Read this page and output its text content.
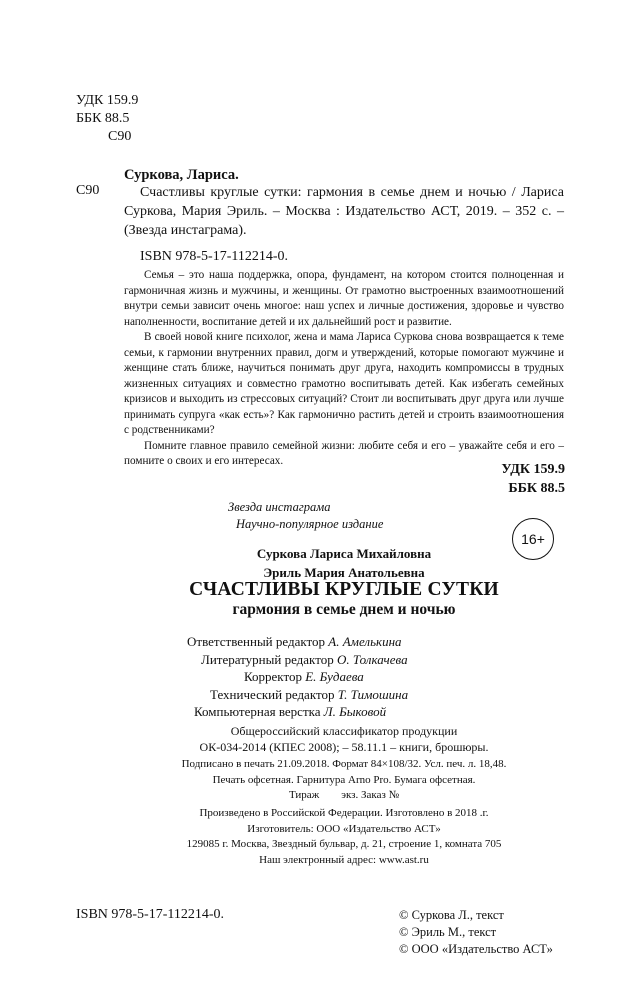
УДК 159.9
ББК 88.5
С90
Суркова, Лариса.
С90	Счастливы круглые сутки: гармония в семье днем и ночью / Лариса Суркова, Мария Эриль. – Москва : Издательство АСТ, 2019. – 352 с. – (Звезда инстаграма).
ISBN 978-5-17-112214-0.

Семья – это наша поддержка, опора, фундамент, на котором стоится полноценная и гармоничная жизнь и мужчины, и женщины. От грамотно выстроенных взаимоотношений внутри семьи зависит очень многое: наш успех и личные достижения, здоровье и чувство наполненности, воспитание детей и их дальнейший рост и развитие.

В своей новой книге психолог, жена и мама Лариса Суркова снова возвращается к теме семьи, к гармонии внутренних правил, догм и утверждений, которые помогают мужчине и женщине стать ближе, научиться понимать друг друга, находить компромиссы в трудных жизненных ситуациях и совместно грамотно воспитывать детей. Как избегать семейных кризисов и выходить из стрессовых ситуаций? Стоит ли воспитывать друг друга или лучше принимать супруга «как есть»? Как гармонично растить детей и строить взаимоотношения с родственниками?

Помните главное правило семейной жизни: любите себя и его – уважайте себя и его – помните о своих и его интересах.

УДК 159.9
ББК 88.5
Звезда инстаграма
Научно-популярное издание
16+
Суркова Лариса Михайловна
Эриль Мария Анатольевна
СЧАСТЛИВЫ КРУГЛЫЕ СУТКИ
гармония в семье днем и ночью
Ответственный редактор А. Амелькина
Литературный редактор О. Толкачева
Корректор Е. Будаева
Технический редактор Т. Тимошина
Компьютерная верстка Л. Быковой
Общероссийский классификатор продукции
ОК-034-2014 (КПЕС 2008); – 58.11.1 – книги, брошюры.
Подписано в печать 21.09.2018. Формат 84×108/32. Усл. печ. л. 18,48.
Печать офсетная. Гарнитура Arno Pro. Бумага офсетная.
Тираж        экз. Заказ №
Произведено в Российской Федерации. Изготовлено в 2018 .г.
Изготовитель: ООО «Издательство АСТ»
129085 г. Москва, Звездный бульвар, д. 21, строение 1, комната 705
Наш электронный адрес: www.ast.ru
ISBN 978-5-17-112214-0.	© Суркова Л., текст
© Эриль М., текст
© ООО «Издательство АСТ»
